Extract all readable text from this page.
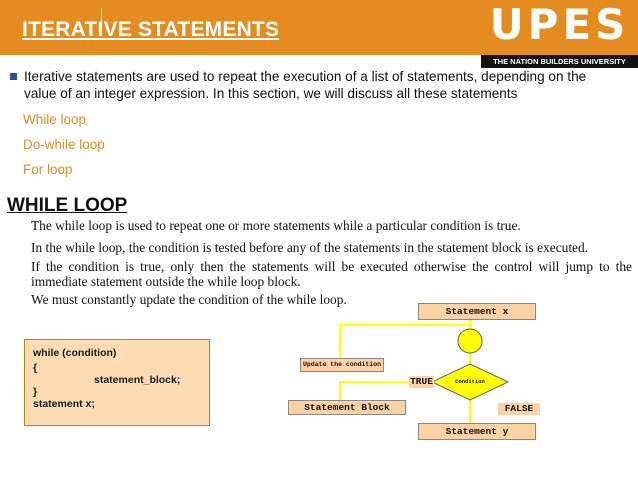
ITERATIVE STATEMENTS	UPES
THE NATION BUILDERS UNIVERSITY
Iterative statements are used to repeat the execution of a list of statements, depending on the value of an integer expression. In this section, we will discuss all these statements
While loop
Do-while loop
For loop
WHILE LOOP
The while loop is used to repeat one or more statements while a particular condition is true.
In the while loop, the condition is tested before any of the statements in the statement block is executed.
If the condition is true, only then the statements will be executed otherwise the control will jump to the immediate statement outside the while loop block.
We must constantly update the condition of the while loop.
while (condition)
{
statement_block;
}
statement x;
Statement x
Update the condition
TRUE	Condition
Statement Block	FALSE
Statement y
